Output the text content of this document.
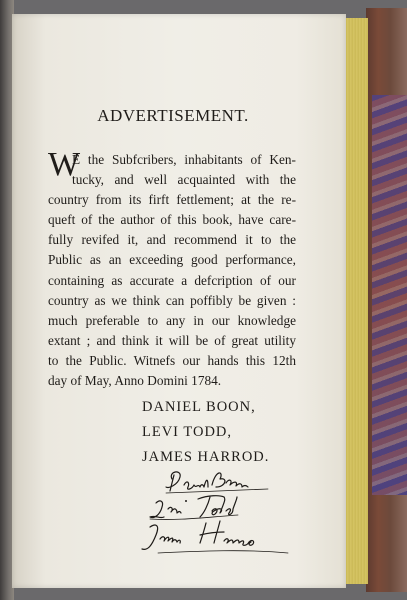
ADVERTISEMENT.
W
E the Subfcribers, inhabitants of Ken-
tucky, and well acquainted with the
country from its firft fettlement; at the re-
queft of the author of this book, have care-
fully revifed it, and recommend it to the
Public as an exceeding good performance,
containing as accurate a defcription of our
country as we think can poffibly be given :
much preferable to any in our knowledge
extant ; and think it will be of great utility
to the Public. Witnefs our hands this 12th
day of May, Anno Domini 1784.
DANIEL BOON,
LEVI TODD,
JAMES HARROD.
